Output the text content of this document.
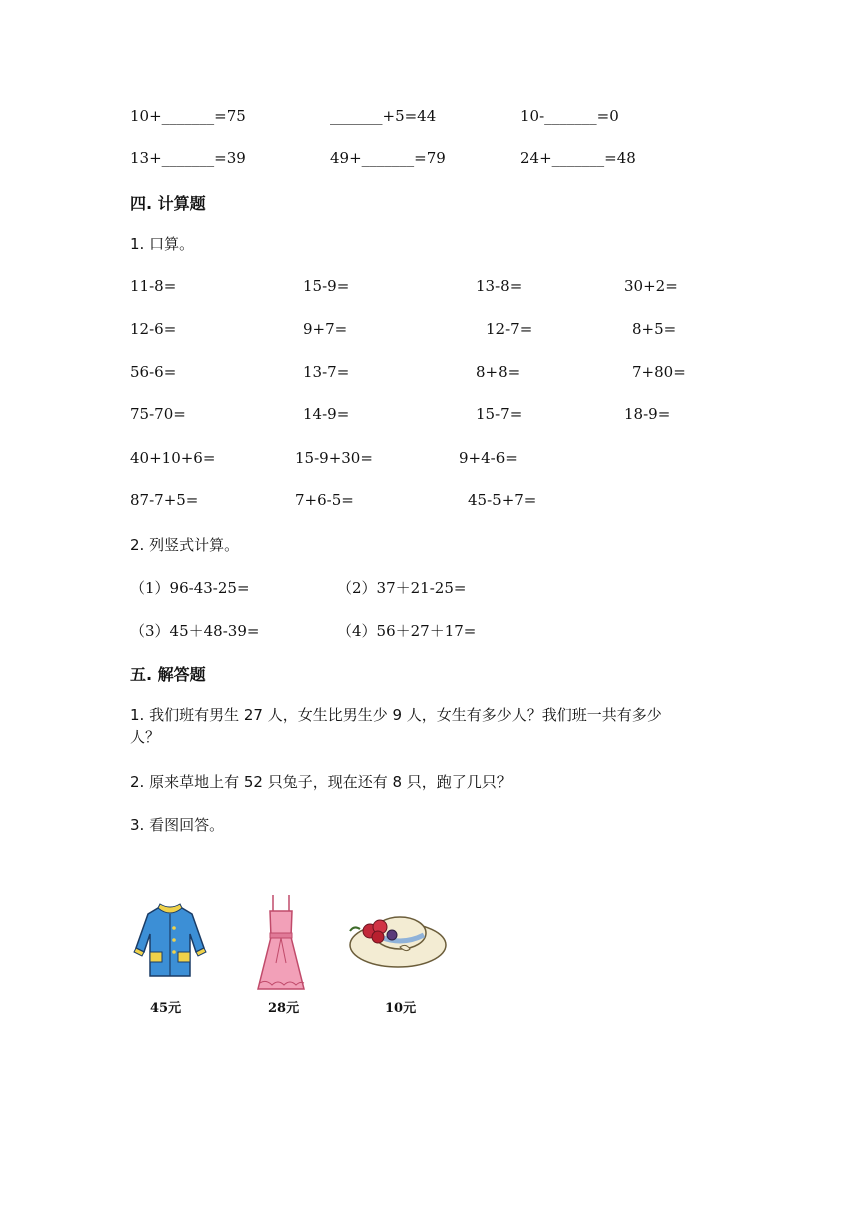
10+_______=75	_______+5=44	10-_______=0
13+_______=39	49+_______=79	24+_______=48
四. 计算题
1. 口算。
11-8=	15-9=	13-8=	30+2=
12-6=	9+7=	12-7=	8+5=
56-6=	13-7=	8+8=	7+80=
75-70=	14-9=	15-7=	18-9=
40+10+6=	15-9+30=	9+4-6=
87-7+5=	7+6-5=	45-5+7=
2. 列竖式计算。
（1）96-43-25=	（2）37＋21-25=
（3）45＋48-39=	（4）56＋27＋17=
五. 解答题
1. 我们班有男生 27 人，女生比男生少 9 人，女生有多少人？我们班一共有多少
人？
2. 原来草地上有 52 只兔子，现在还有 8 只，跑了几只？
3. 看图回答。
45元	28元	10元
